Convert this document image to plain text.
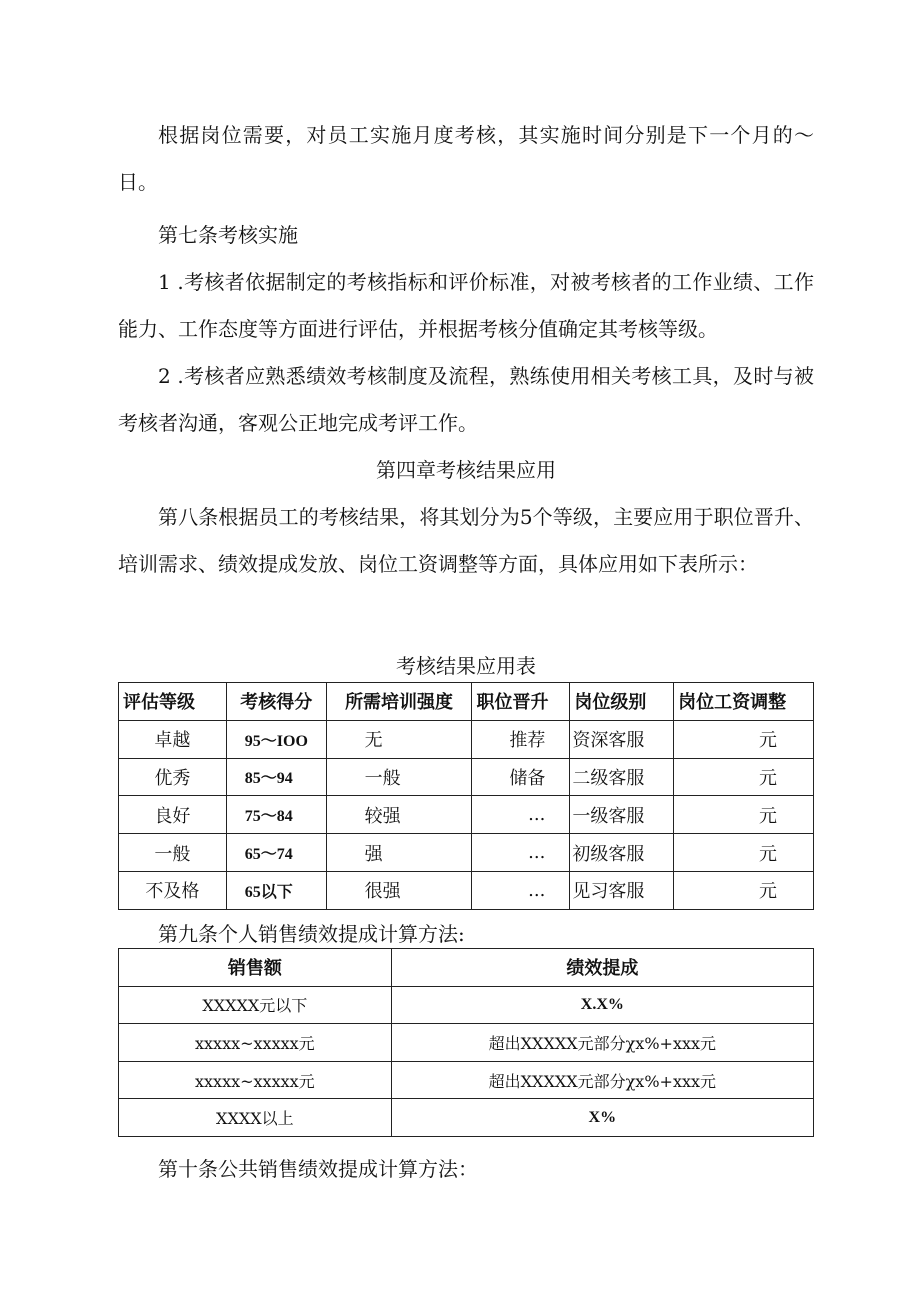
根据岗位需要，对员工实施月度考核，其实施时间分别是下一个月的～日。

第七条考核实施

1 .考核者依据制定的考核指标和评价标准，对被考核者的工作业绩、工作能力、工作态度等方面进行评估，并根据考核分值确定其考核等级。

2 .考核者应熟悉绩效考核制度及流程，熟练使用相关考核工具，及时与被考核者沟通，客观公正地完成考评工作。

第四章考核结果应用

第八条根据员工的考核结果，将其划分为5个等级，主要应用于职位晋升、培训需求、绩效提成发放、岗位工资调整等方面，具体应用如下表所示：

考核结果应用表
评估等级	考核得分	所需培训强度	职位晋升	岗位级别	岗位工资调整
卓越	95～IOO	无	推荐	资深客服	元
优秀	85～94	一般	储备	二级客服	元
良好	75～84	较强	...	一级客服	元
一般	65～74	强	...	初级客服	元
不及格	65以下	很强	...	见习客服	元
第九条个人销售绩效提成计算方法:
销售额	绩效提成
XXXXX元以下	X.X%
xxxxx~xxxxx元	超出XXXXX元部分χx%+xxx元
xxxxx~xxxxx元	超出XXXXX元部分χx%+xxx元
XXXX以上	X%

第十条公共销售绩效提成计算方法：
